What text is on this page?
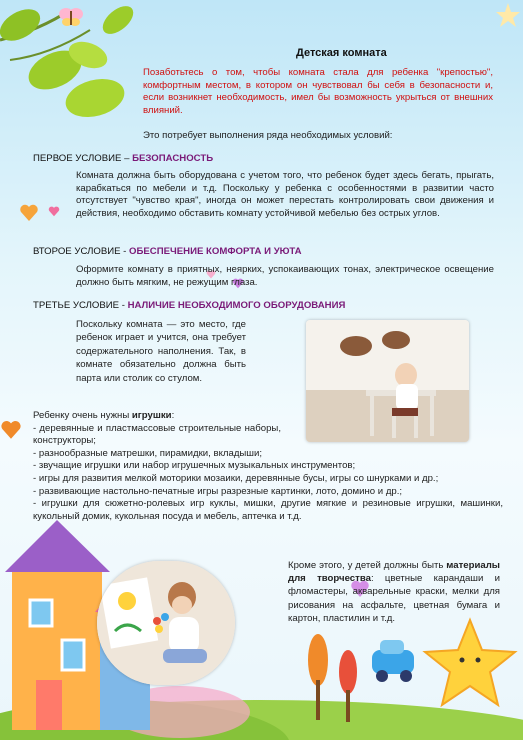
Детская комната
Позаботьтесь о том, чтобы комната стала для ребенка "крепостью", комфортным местом, в котором он чувствовал бы себя в безопасности и, если возникнет необходимость, имел бы возможность укрыться от внешних влияний.
Это потребует выполнения ряда необходимых условий:
ПЕРВОЕ УСЛОВИЕ – БЕЗОПАСНОСТЬ
Комната должна быть оборудована с учетом того, что ребенок будет здесь бегать, прыгать, карабкаться по мебели и т.д. Поскольку у ребенка с особенностями в развитии часто отсутствует "чувство края", иногда он может перестать контролировать свои движения и действия, необходимо обставить комнату устойчивой мебелью без острых углов.
ВТОРОЕ УСЛОВИЕ - ОБЕСПЕЧЕНИЕ КОМФОРТА И УЮТА
Оформите комнату в приятных, неярких, успокаивающих тонах, электрическое освещение должно быть мягким, не режущим глаза.
ТРЕТЬЕ УСЛОВИЕ - НАЛИЧИЕ НЕОБХОДИМОГО ОБОРУДОВАНИЯ
Поскольку комната — это место, где ребенок играет и учится, она требует содержательного наполнения. Так, в комнате обязательно должна быть парта или столик со стулом.
Ребенку очень нужны игрушки:
- деревянные и пластмассовые строительные наборы, конструкторы;
- разнообразные матрешки, пирамидки, вкладыши;
- звучащие игрушки или набор игрушечных музыкальных инструментов;
- игры для развития мелкой моторики мозаики, деревянные бусы, игры со шнурками и др.;
- развивающие настольно-печатные игры разрезные картинки, лото, домино и др.;
- игрушки для сюжетно-ролевых игр куклы, мишки, другие мягкие и резиновые игрушки, машинки, кукольный домик, кукольная посуда и мебель, аптечка и т.д.
Кроме этого, у детей должны быть материалы для творчества: цветные карандаши и фломастеры, акварельные краски, мелки для рисования на асфальте, цветная бумага и картон, пластилин и т.д.
